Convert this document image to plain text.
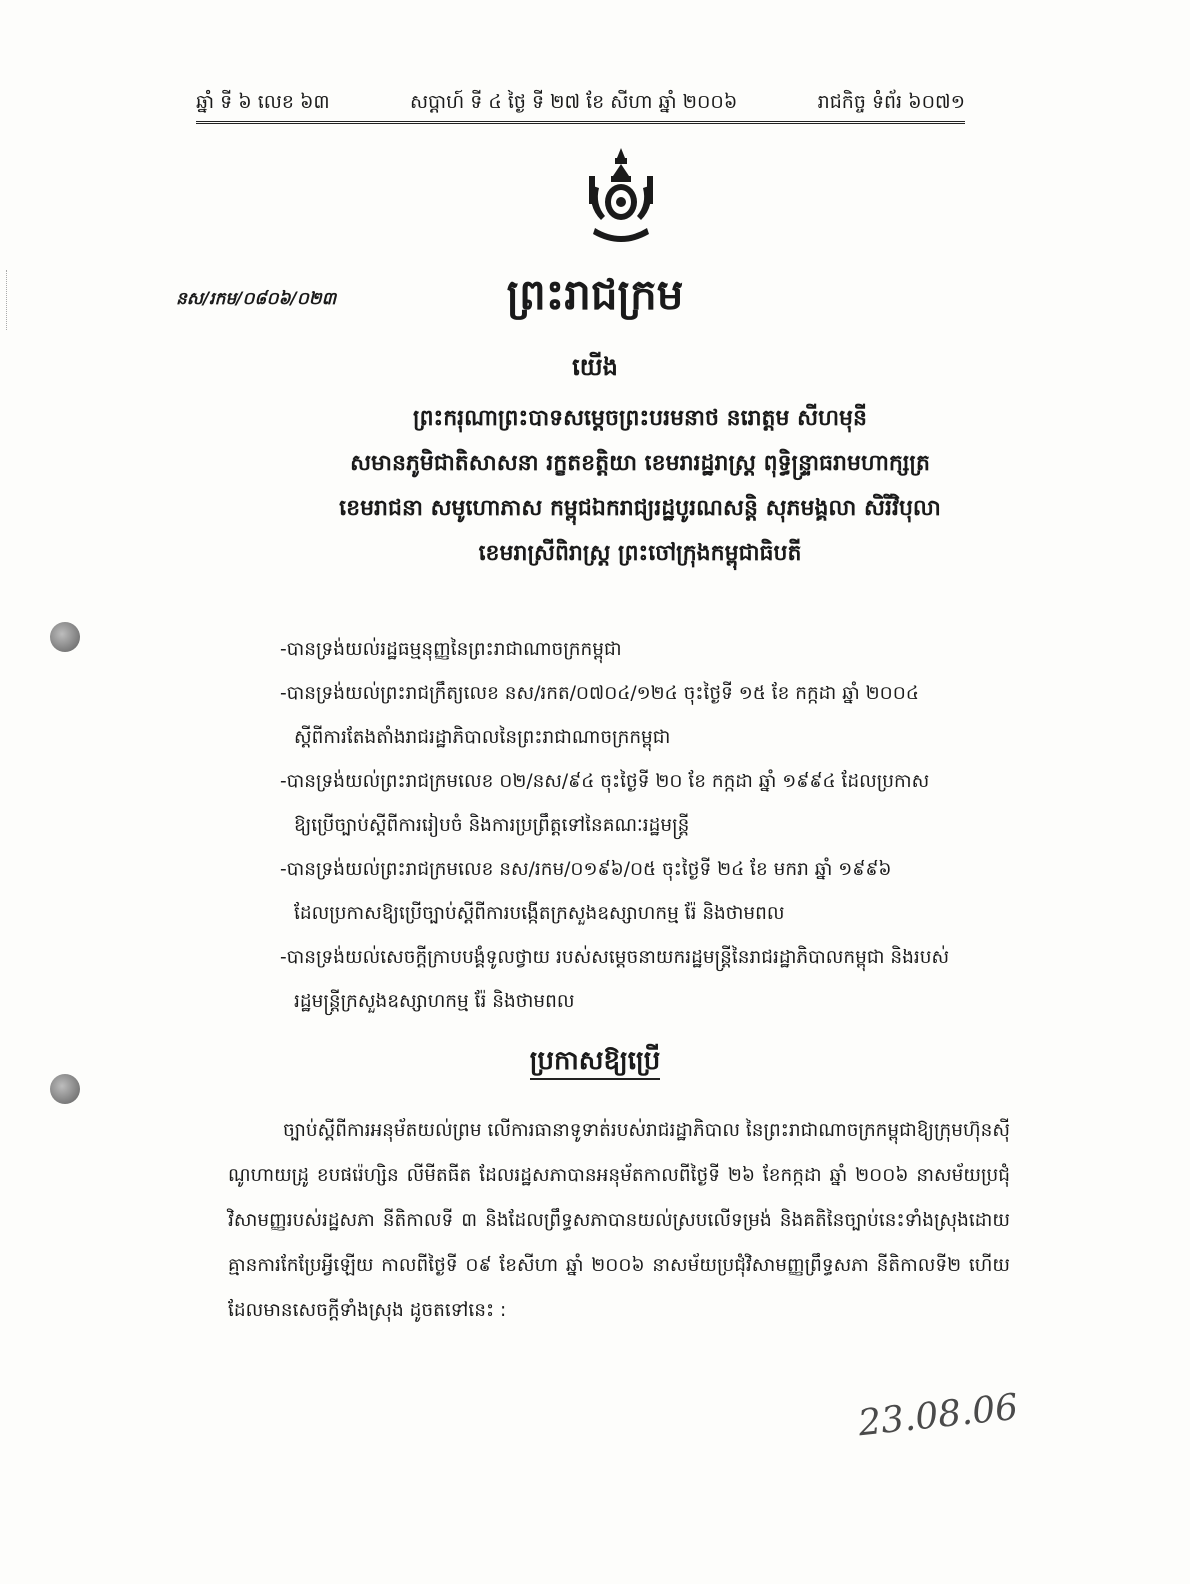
ឆ្នាំ ទី ៦ លេខ ៦៣	សប្តាហ៍ ទី ៤ ថ្ងៃ ទី ២៧ ខែ សីហា ឆ្នាំ ២០០៦	រាជកិច្ច ទំព័រ ៦០៧១
នស/រកម/០៨០៦/០២៣	ព្រះរាជក្រម
យើង
ព្រះករុណាព្រះបាទសម្តេចព្រះបរមនាថ នរោត្តម សីហមុនី
សមានភូមិជាតិសាសនា រក្ខតខត្តិយា ខេមរារដ្ឋរាស្ត្រ ពុទ្ធិន្ទ្រាធរាមហាក្សត្រ
ខេមរាជនា សមូហោភាស កម្ពុជឯករាជ្យរដ្ឋបូរណសន្តិ សុភមង្គលា សិរីវិបុលា
ខេមរាស្រីពិរាស្ត្រ ព្រះចៅក្រុងកម្ពុជាធិបតី
-បានទ្រង់យល់រដ្ឋធម្មនុញ្ញនៃព្រះរាជាណាចក្រកម្ពុជា
-បានទ្រង់យល់ព្រះរាជក្រឹត្យលេខ នស/រកត/០៧០៤/១២៤ ចុះថ្ងៃទី ១៥ ខែ កក្កដា ឆ្នាំ ២០០៤
ស្តីពីការតែងតាំងរាជរដ្ឋាភិបាលនៃព្រះរាជាណាចក្រកម្ពុជា
-បានទ្រង់យល់ព្រះរាជក្រមលេខ ០២/នស/៩៤ ចុះថ្ងៃទី ២០ ខែ កក្កដា ឆ្នាំ ១៩៩៤ ដែលប្រកាស
ឱ្យប្រើច្បាប់ស្តីពីការរៀបចំ និងការប្រព្រឹត្តទៅនៃគណៈរដ្ឋមន្ត្រី
-បានទ្រង់យល់ព្រះរាជក្រមលេខ នស/រកម/០១៩៦/០៥ ចុះថ្ងៃទី ២៤ ខែ មករា ឆ្នាំ ១៩៩៦
ដែលប្រកាសឱ្យប្រើច្បាប់ស្តីពីការបង្កើតក្រសួងឧស្សាហកម្ម រ៉ែ និងថាមពល
-បានទ្រង់យល់សេចក្តីក្រាបបង្គំទូលថ្វាយ របស់សម្តេចនាយករដ្ឋមន្ត្រីនៃរាជរដ្ឋាភិបាលកម្ពុជា និងរបស់
រដ្ឋមន្ត្រីក្រសួងឧស្សាហកម្ម រ៉ែ និងថាមពល
ប្រកាសឱ្យប្រើ
ច្បាប់ស្តីពីការអនុម័តយល់ព្រម លើការធានាទូទាត់របស់រាជរដ្ឋាភិបាល នៃព្រះរាជាណាចក្រកម្ពុជាឱ្យក្រុមហ៊ុនស៊ីណូហាយដ្រូ ខបផរ៉េហ្សិន លីមីតធីត ដែលរដ្ឋសភាបានអនុម័តកាលពីថ្ងៃទី ២៦ ខែកក្កដា ឆ្នាំ ២០០៦ នាសម័យប្រជុំវិសាមញ្ញរបស់រដ្ឋសភា នីតិកាលទី ៣ និងដែលព្រឹទ្ធសភាបានយល់ស្របលើទម្រង់ និងគតិនៃច្បាប់នេះទាំងស្រុងដោយគ្មានការកែប្រែអ្វីឡើយ កាលពីថ្ងៃទី ០៩ ខែសីហា ឆ្នាំ ២០០៦ នាសម័យប្រជុំវិសាមញ្ញព្រឹទ្ធសភា នីតិកាលទី២ ហើយដែលមានសេចក្តីទាំងស្រុង ដូចតទៅនេះ :
23.08.06
